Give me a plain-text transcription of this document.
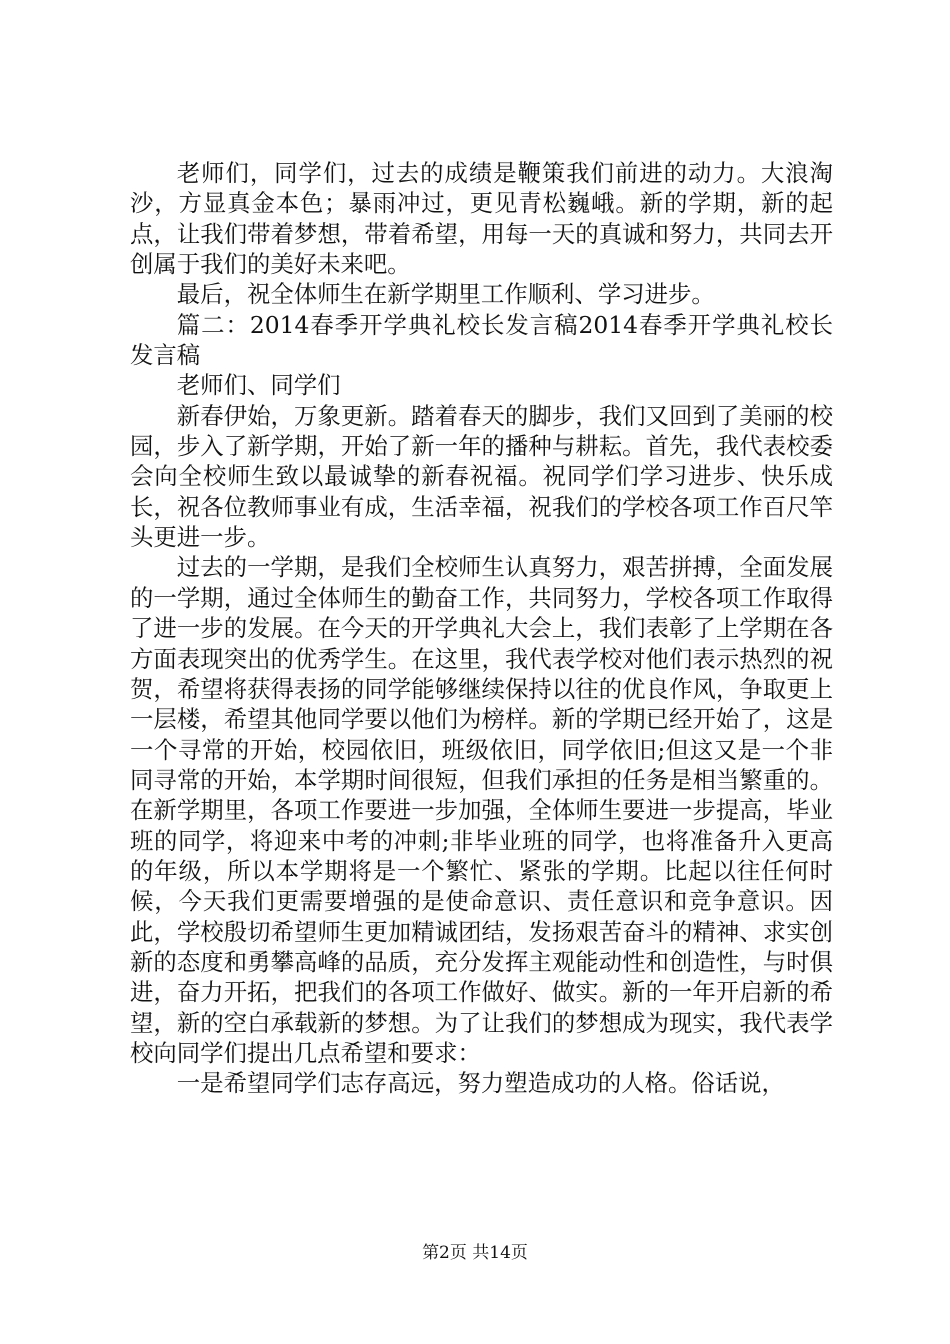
老师们，同学们，过去的成绩是鞭策我们前进的动力。大浪淘沙，方显真金本色；暴雨冲过，更见青松巍峨。新的学期，新的起点，让我们带着梦想，带着希望，用每一天的真诚和努力，共同去开创属于我们的美好未来吧。

最后，祝全体师生在新学期里工作顺利、学习进步。

篇二：2014春季开学典礼校长发言稿2014春季开学典礼校长发言稿

老师们、同学们

新春伊始，万象更新。踏着春天的脚步，我们又回到了美丽的校园，步入了新学期，开始了新一年的播种与耕耘。首先，我代表校委会向全校师生致以最诚挚的新春祝福。祝同学们学习进步、快乐成长，祝各位教师事业有成，生活幸福，祝我们的学校各项工作百尺竿头更进一步。

过去的一学期，是我们全校师生认真努力，艰苦拼搏，全面发展的一学期，通过全体师生的勤奋工作，共同努力，学校各项工作取得了进一步的发展。在今天的开学典礼大会上，我们表彰了上学期在各方面表现突出的优秀学生。在这里，我代表学校对他们表示热烈的祝贺，希望将获得表扬的同学能够继续保持以往的优良作风，争取更上一层楼，希望其他同学要以他们为榜样。新的学期已经开始了，这是一个寻常的开始，校园依旧，班级依旧，同学依旧;但这又是一个非同寻常的开始，本学期时间很短，但我们承担的任务是相当繁重的。在新学期里，各项工作要进一步加强，全体师生要进一步提高，毕业班的同学，将迎来中考的冲刺;非毕业班的同学，也将准备升入更高的年级，所以本学期将是一个繁忙、紧张的学期。比起以往任何时候，今天我们更需要增强的是使命意识、责任意识和竞争意识。因此，学校殷切希望师生更加精诚团结，发扬艰苦奋斗的精神、求实创新的态度和勇攀高峰的品质，充分发挥主观能动性和创造性，与时俱进，奋力开拓，把我们的各项工作做好、做实。新的一年开启新的希望，新的空白承载新的梦想。为了让我们的梦想成为现实，我代表学校向同学们提出几点希望和要求：

一是希望同学们志存高远，努力塑造成功的人格。俗话说，

第2页 共14页
